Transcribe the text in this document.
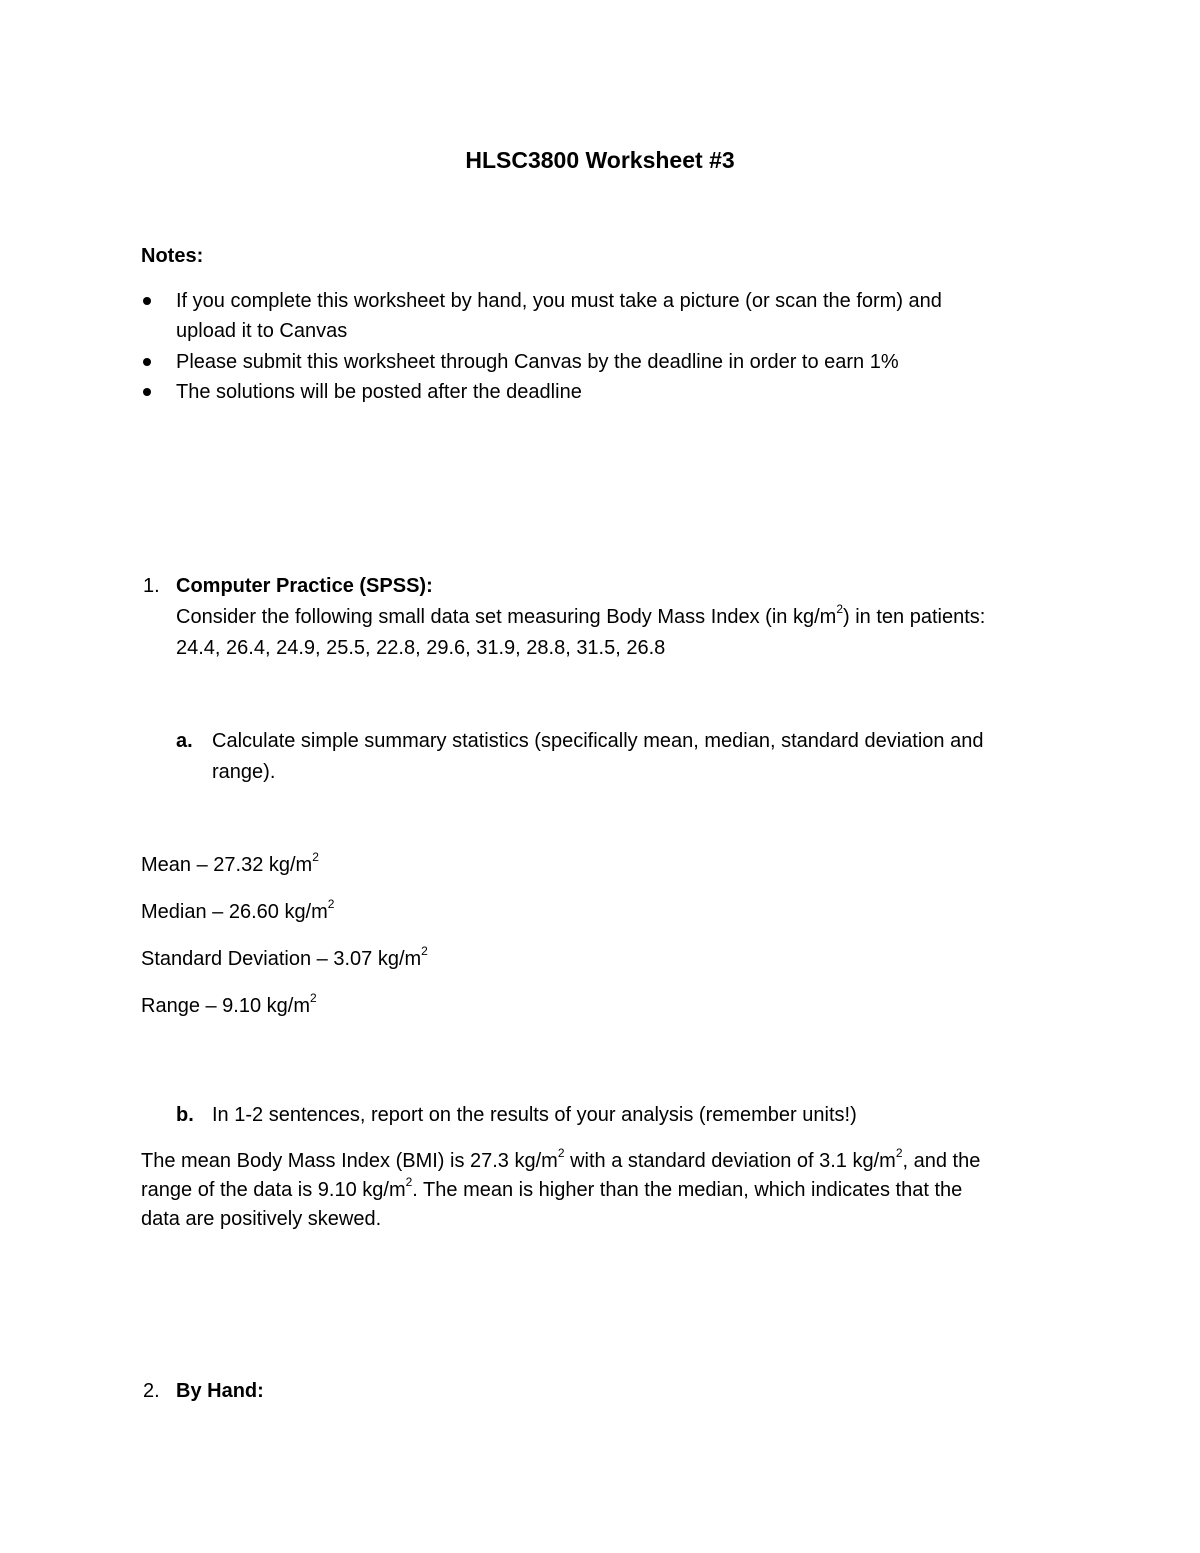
HLSC3800 Worksheet #3
Notes:
If you complete this worksheet by hand, you must take a picture (or scan the form) and
upload it to Canvas
Please submit this worksheet through Canvas by the deadline in order to earn 1%
The solutions will be posted after the deadline
1. Computer Practice (SPSS):
Consider the following small data set measuring Body Mass Index (in $kg/m^2$) in ten patients:
24.4, 26.4, 24.9, 25.5, 22.8, 29.6, 31.9, 28.8, 31.5, 26.8
a. Calculate simple summary statistics (specifically mean, median, standard deviation and
range).
Mean – 27.32 $kg/m^2$
Median – 26.60 $kg/m^2$
Standard Deviation – 3.07 $kg/m^2$
Range – 9.10 $kg/m^2$
b. In 1-2 sentences, report on the results of your analysis (remember units!)
The mean Body Mass Index (BMI) is 27.3 $kg/m^2$ with a standard deviation of 3.1 $kg/m^2$, and the
range of the data is 9.10 $kg/m^2$. The mean is higher than the median, which indicates that the
data are positively skewed.
2. By Hand:
